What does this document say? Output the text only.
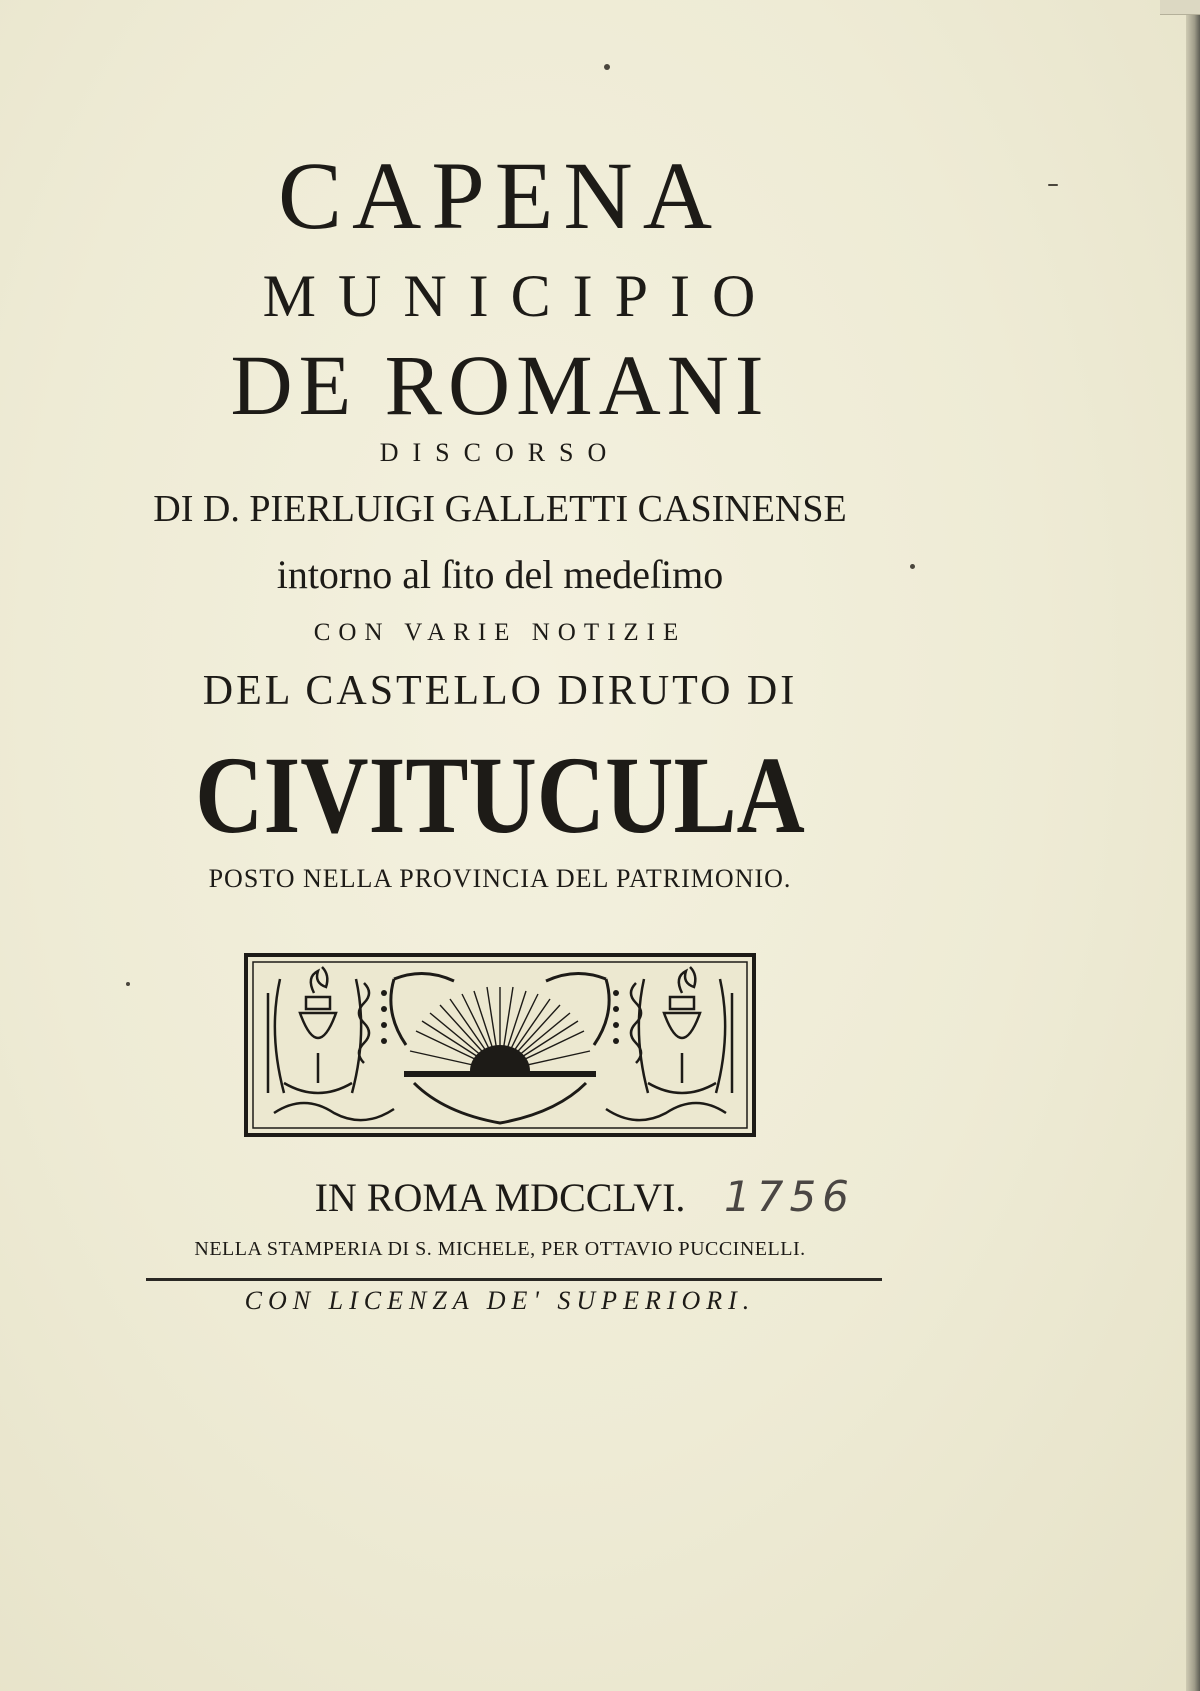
CAPENA
MUNICIPIO
DE ROMANI
DISCORSO
DI D. PIERLUIGI GALLETTI CASINENSE
intorno al ſito del medeſimo
CON VARIE NOTIZIE
DEL CASTELLO DIRUTO DI
CIVITUCULA
POSTO NELLA PROVINCIA DEL PATRIMONIO.
IN ROMA MDCCLVI. 1756
NELLA STAMPERIA DI S. MICHELE, PER OTTAVIO PUCCINELLI.
CON LICENZA DE' SUPERIORI.
